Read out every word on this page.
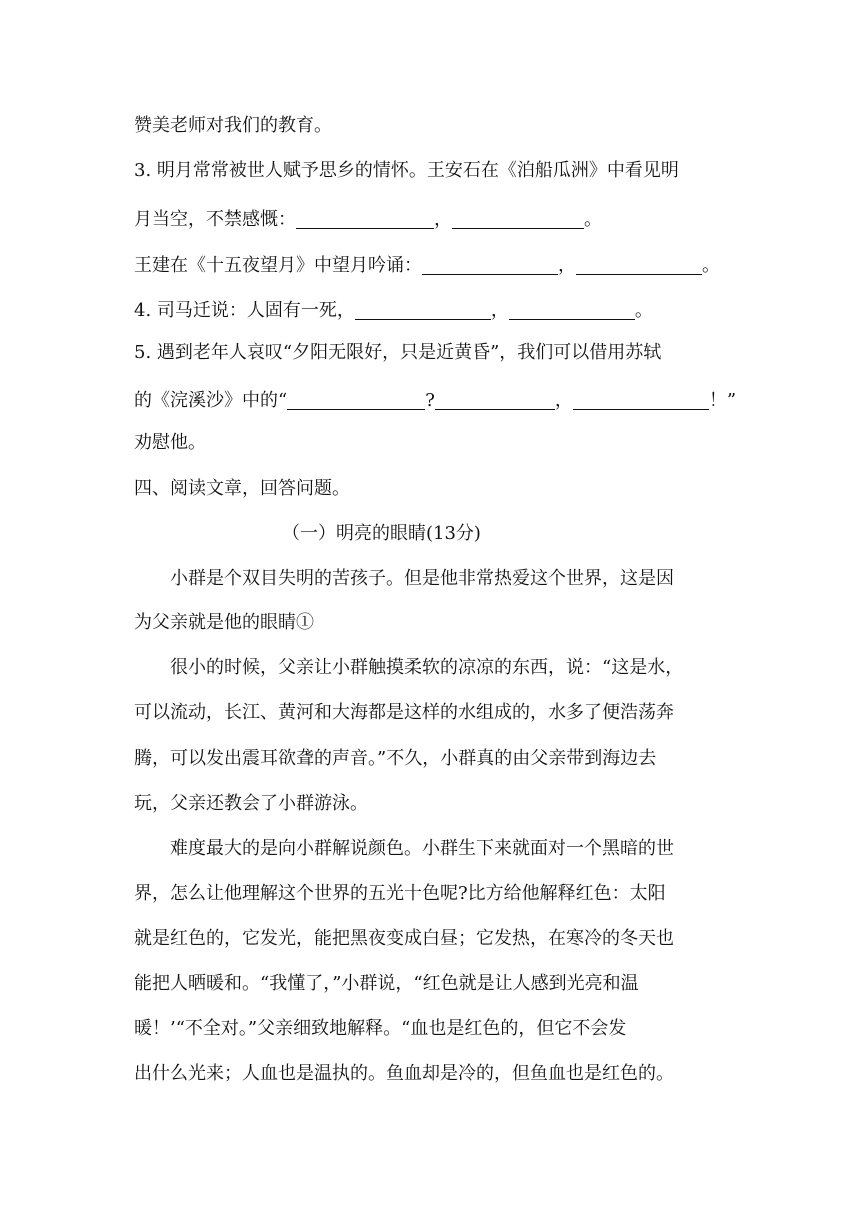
赞美老师对我们的教育。
3. 明月常常被世人赋予思乡的情怀。王安石在《泊船瓜洲》中看见明
月当空，不禁感慨：	，	。
王建在《十五夜望月》中望月吟诵：	，	。
4. 司马迁说：人固有一死，	，	。
5. 遇到老年人哀叹“夕阳无限好，只是近黄昏”，我们可以借用苏轼
的《浣溪沙》中的“	?	，	！”
劝慰他。
四、阅读文章，回答问题。
（一）明亮的眼睛(13分)
小群是个双目失明的苦孩子。但是他非常热爱这个世界，这是因
为父亲就是他的眼睛①
很小的时候，父亲让小群触摸柔软的凉凉的东西，说：“这是水，
可以流动，长江、黄河和大海都是这样的水组成的，水多了便浩荡奔
腾，可以发出震耳欲聋的声音。”不久，小群真的由父亲带到海边去
玩，父亲还教会了小群游泳。
难度最大的是向小群解说颜色。小群生下来就面对一个黑暗的世
界，怎么让他理解这个世界的五光十色呢?比方给他解释红色：太阳
就是红色的，它发光，能把黑夜变成白昼；它发热，在寒冷的冬天也
能把人晒暖和。“我懂了，”小群说，“红色就是让人感到光亮和温
暖！’“不全对。”父亲细致地解释。“血也是红色的，但它不会发
出什么光来；人血也是温执的。鱼血却是冷的，但鱼血也是红色的。
